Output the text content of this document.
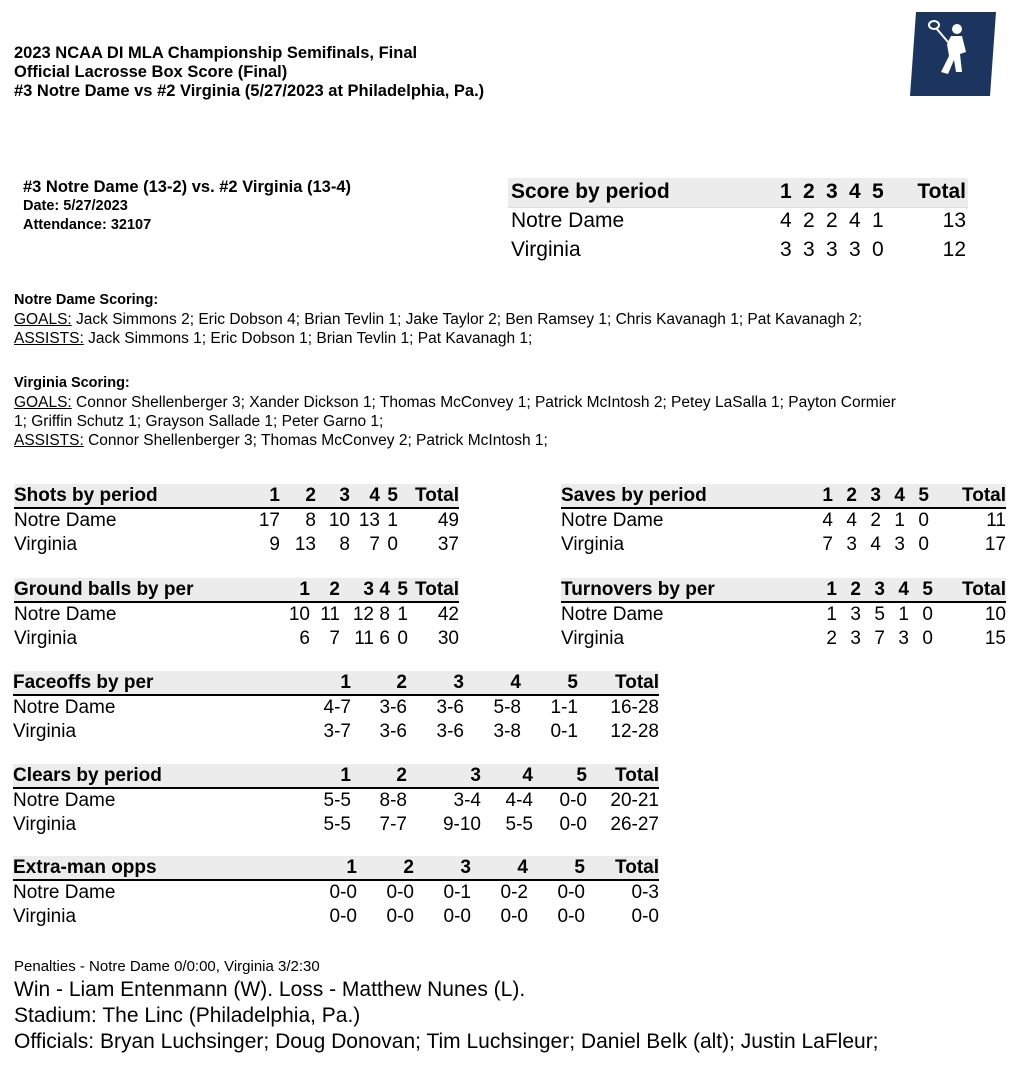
2023 NCAA DI MLA Championship Semifinals, Final
Official Lacrosse Box Score (Final)
#3 Notre Dame vs #2 Virginia (5/27/2023 at Philadelphia, Pa.)
#3 Notre Dame (13-2) vs. #2 Virginia (13-4)
Date: 5/27/2023
Attendance: 32107
Score by period	1 2 3 4 5 Total
Notre Dame	4 2 2 4 1	13
Virginia	3 3 3 3 0	12
Notre Dame Scoring:
GOALS: Jack Simmons 2; Eric Dobson 4; Brian Tevlin 1; Jake Taylor 2; Ben Ramsey 1; Chris Kavanagh 1; Pat Kavanagh 2;
ASSISTS: Jack Simmons 1; Eric Dobson 1; Brian Tevlin 1; Pat Kavanagh 1;
Virginia Scoring:
GOALS: Connor Shellenberger 3; Xander Dickson 1; Thomas McConvey 1; Patrick McIntosh 2; Petey LaSalla 1; Payton Cormier
1; Griffin Schutz 1; Grayson Sallade 1; Peter Garno 1;
ASSISTS: Connor Shellenberger 3; Thomas McConvey 2; Patrick McIntosh 1;
Shots by period	1	2	3	4	5	Total
Notre Dame	17	8	10	13	1	49
Virginia	9	13	8	7	0	37
Saves by period	1	2	3	4	5	Total
Notre Dame	4	4	2	1	0	11
Virginia	7	3	4	3	0	17
Ground balls by per	1	2	3	4	5	Total
Notre Dame	10	11	12	8	1	42
Virginia	6	7	11	6	0	30
Turnovers by per	1	2	3	4	5	Total
Notre Dame	1	3	5	1	0	10
Virginia	2	3	7	3	0	15
Faceoffs by per	1	2	3	4	5	Total
Notre Dame	4-7	3-6	3-6	5-8	1-1	16-28
Virginia	3-7	3-6	3-6	3-8	0-1	12-28
Clears by period	1	2	3	4	5	Total
Notre Dame	5-5	8-8	3-4	4-4	0-0	20-21
Virginia	5-5	7-7	9-10	5-5	0-0	26-27
Extra-man opps	1	2	3	4	5	Total
Notre Dame	0-0	0-0	0-1	0-2	0-0	0-3
Virginia	0-0	0-0	0-0	0-0	0-0	0-0
Penalties - Notre Dame 0/0:00, Virginia 3/2:30
Win - Liam Entenmann (W). Loss - Matthew Nunes (L).
Stadium: The Linc (Philadelphia, Pa.)
Officials: Bryan Luchsinger; Doug Donovan; Tim Luchsinger; Daniel Belk (alt); Justin LaFleur;
